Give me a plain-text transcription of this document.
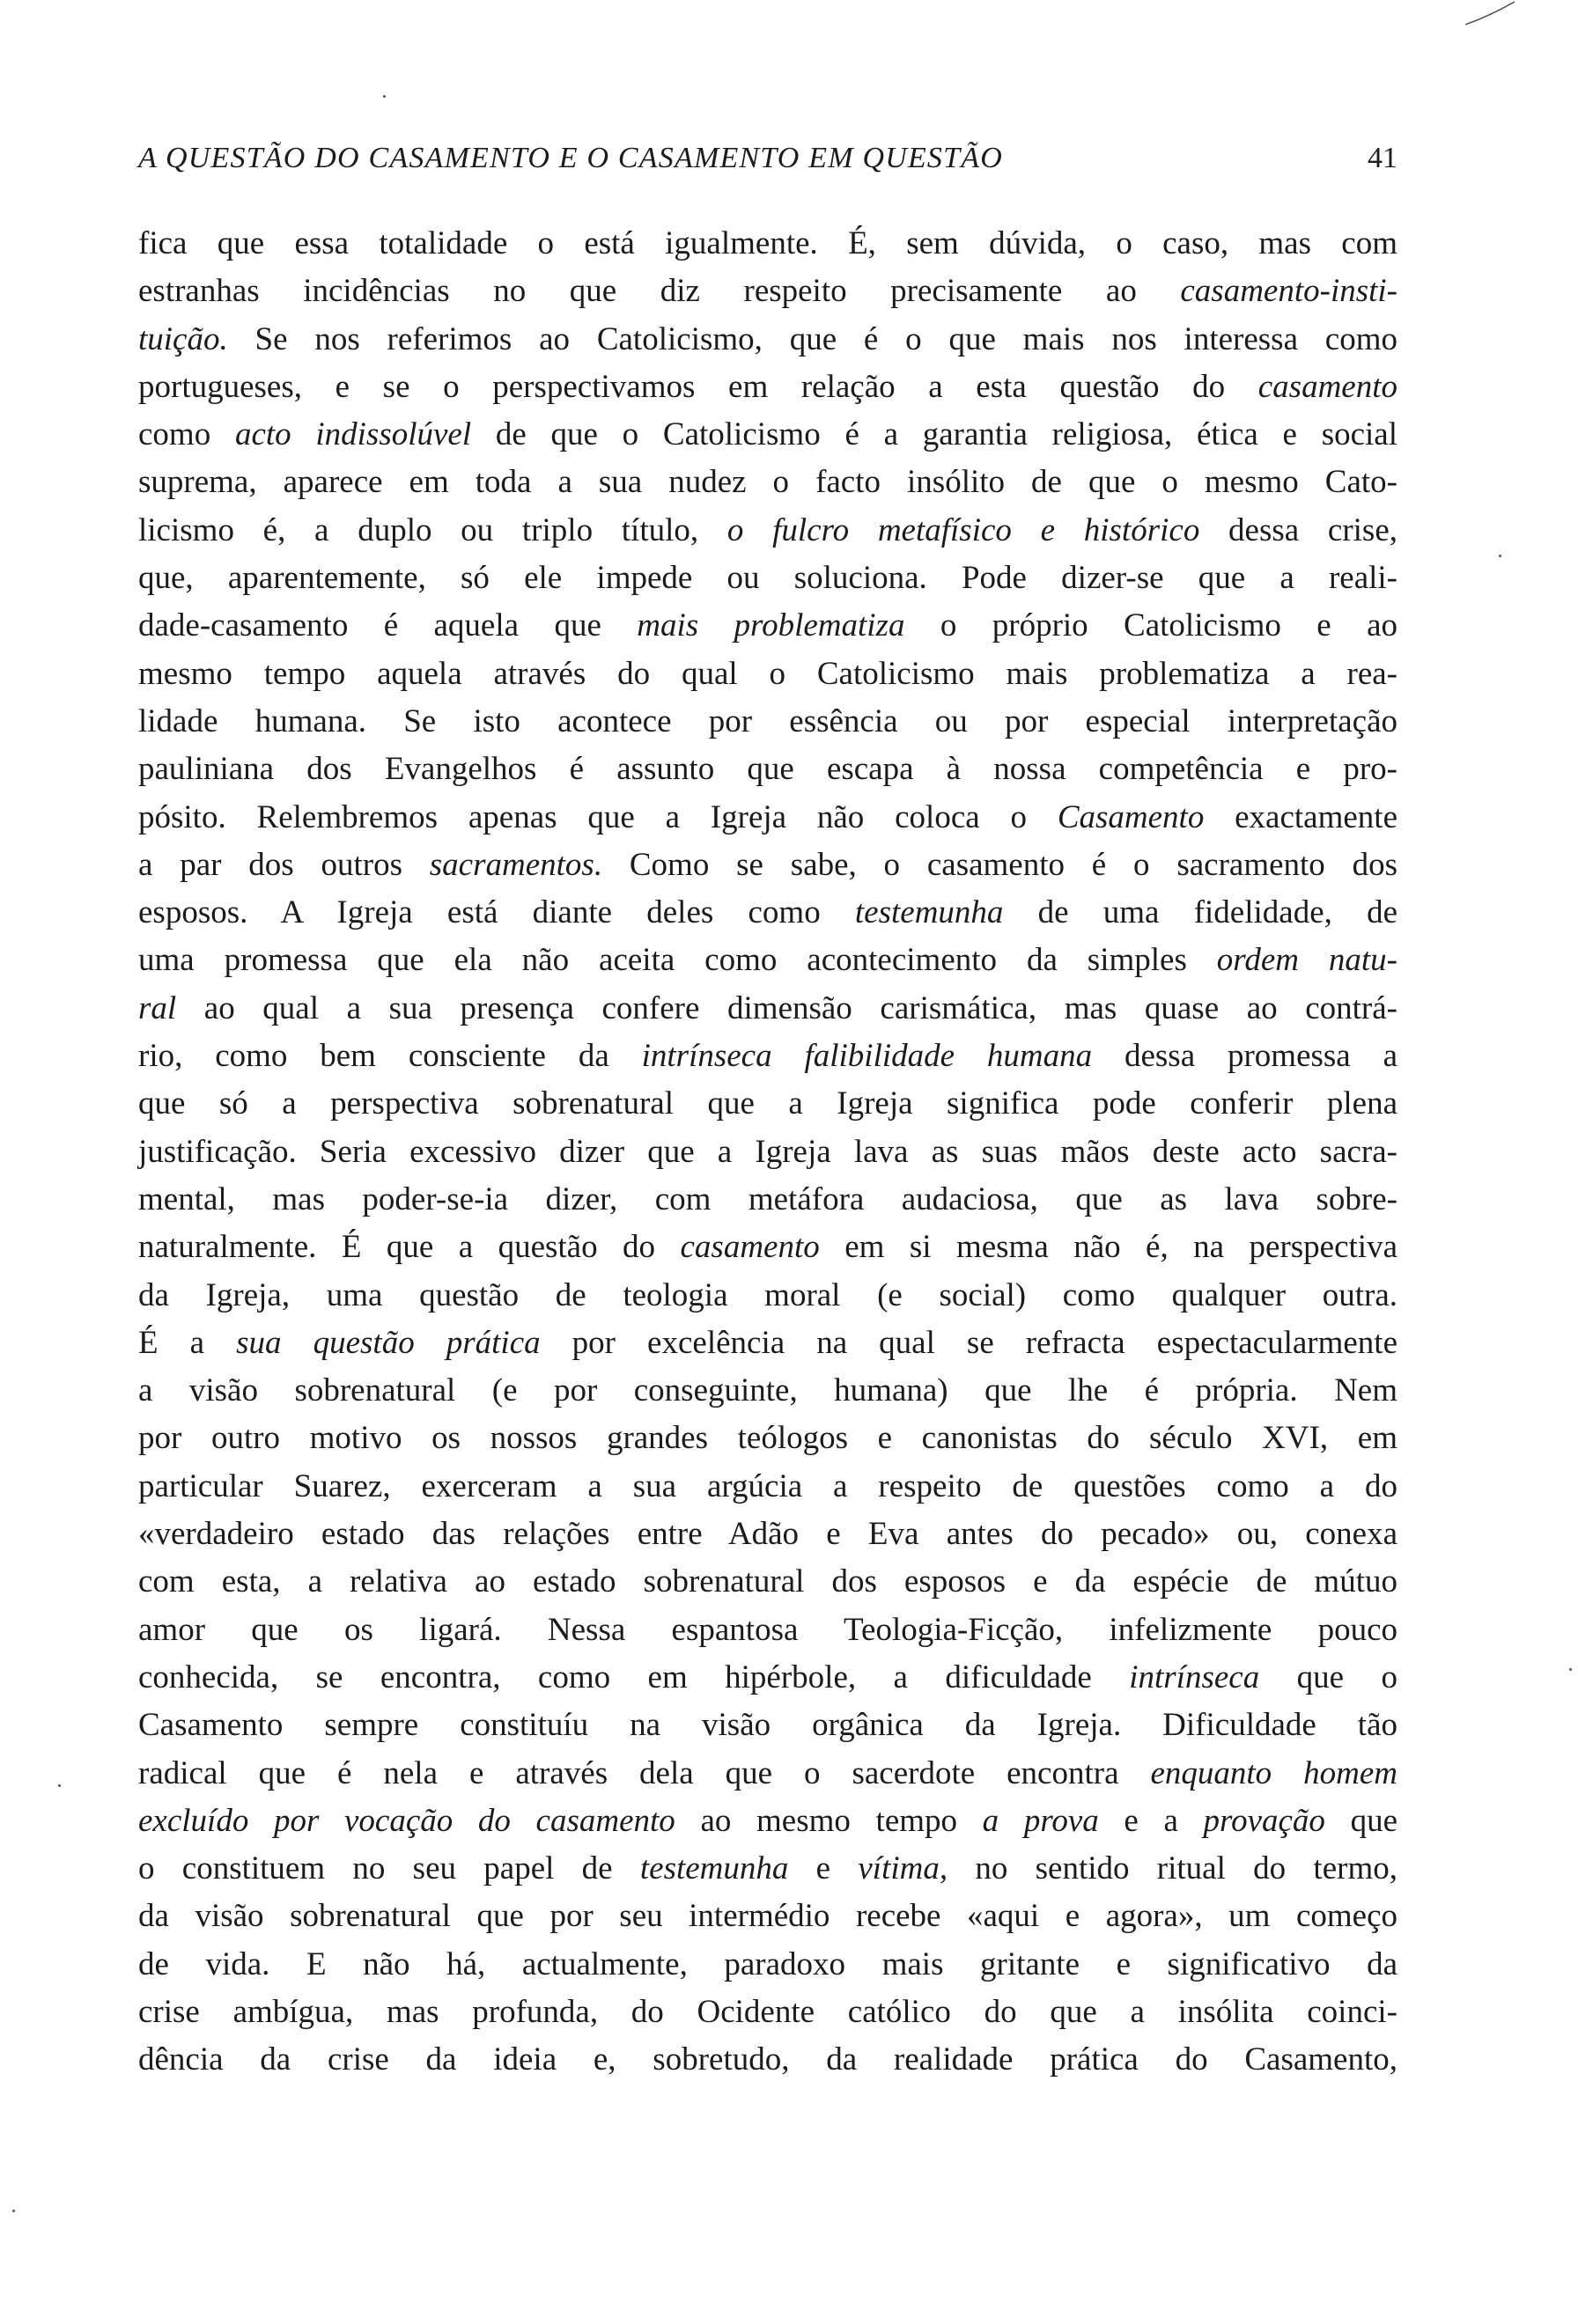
A QUESTÃO DO CASAMENTO E O CASAMENTO EM QUESTÃO	41
fica que essa totalidade o está igualmente. É, sem dúvida, o caso, mas com
estranhas incidências no que diz respeito precisamente ao casamento-insti-
tuição. Se nos referimos ao Catolicismo, que é o que mais nos interessa como
portugueses, e se o perspectivamos em relação a esta questão do casamento
como acto indissolúvel de que o Catolicismo é a garantia religiosa, ética e social
suprema, aparece em toda a sua nudez o facto insólito de que o mesmo Cato-
licismo é, a duplo ou triplo título, o fulcro metafísico e histórico dessa crise,
que, aparentemente, só ele impede ou soluciona. Pode dizer-se que a reali-
dade-casamento é aquela que mais problematiza o próprio Catolicismo e ao
mesmo tempo aquela através do qual o Catolicismo mais problematiza a rea-
lidade humana. Se isto acontece por essência ou por especial interpretação
pauliniana dos Evangelhos é assunto que escapa à nossa competência e pro-
pósito. Relembremos apenas que a Igreja não coloca o Casamento exactamente
a par dos outros sacramentos. Como se sabe, o casamento é o sacramento dos
esposos. A Igreja está diante deles como testemunha de uma fidelidade, de
uma promessa que ela não aceita como acontecimento da simples ordem natu-
ral ao qual a sua presença confere dimensão carismática, mas quase ao contrá-
rio, como bem consciente da intrínseca falibilidade humana dessa promessa a
que só a perspectiva sobrenatural que a Igreja significa pode conferir plena
justificação. Seria excessivo dizer que a Igreja lava as suas mãos deste acto sacra-
mental, mas poder-se-ia dizer, com metáfora audaciosa, que as lava sobre-
naturalmente. É que a questão do casamento em si mesma não é, na perspectiva
da Igreja, uma questão de teologia moral (e social) como qualquer outra.
É a sua questão prática por excelência na qual se refracta espectacularmente
a visão sobrenatural (e por conseguinte, humana) que lhe é própria. Nem
por outro motivo os nossos grandes teólogos e canonistas do século XVI, em
particular Suarez, exerceram a sua argúcia a respeito de questões como a do
«verdadeiro estado das relações entre Adão e Eva antes do pecado» ou, conexa
com esta, a relativa ao estado sobrenatural dos esposos e da espécie de mútuo
amor que os ligará. Nessa espantosa Teologia-Ficção, infelizmente pouco
conhecida, se encontra, como em hipérbole, a dificuldade intrínseca que o
Casamento sempre constituíu na visão orgânica da Igreja. Dificuldade tão
radical que é nela e através dela que o sacerdote encontra enquanto homem
excluído por vocação do casamento ao mesmo tempo a prova e a provação que
o constituem no seu papel de testemunha e vítima, no sentido ritual do termo,
da visão sobrenatural que por seu intermédio recebe «aqui e agora», um começo
de vida. E não há, actualmente, paradoxo mais gritante e significativo da
crise ambígua, mas profunda, do Ocidente católico do que a insólita coinci-
dência da crise da ideia e, sobretudo, da realidade prática do Casamento,
